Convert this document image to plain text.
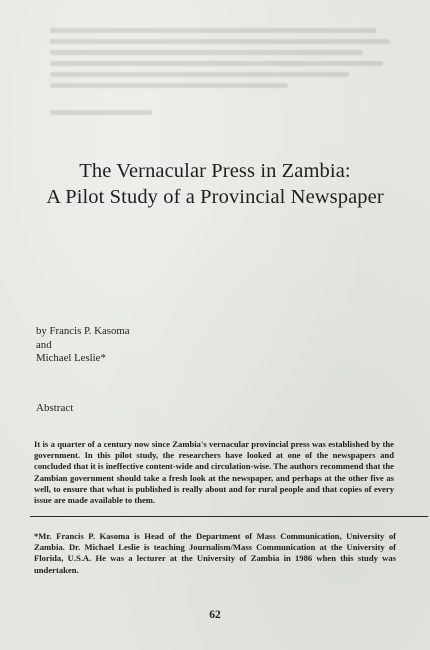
The Vernacular Press in Zambia:
A Pilot Study of a Provincial Newspaper
by Francis P. Kasoma
and
Michael Leslie*
Abstract

It is a quarter of a century now since Zambia's vernacular provincial press was established by the government. In this pilot study, the researchers have looked at one of the newspapers and concluded that it is ineffective content-wide and circulation-wise. The authors recommend that the Zambian government should take a fresh look at the newspaper, and perhaps at the other five as well, to ensure that what is published is really about and for rural people and that copies of every issue are made available to them.

*Mr. Francis P. Kasoma is Head of the Department of Mass Communication, University of Zambia. Dr. Michael Leslie is teaching Journalism/Mass Communication at the University of Florida, U.S.A. He was a lecturer at the University of Zambia in 1986 when this study was undertaken.

62
